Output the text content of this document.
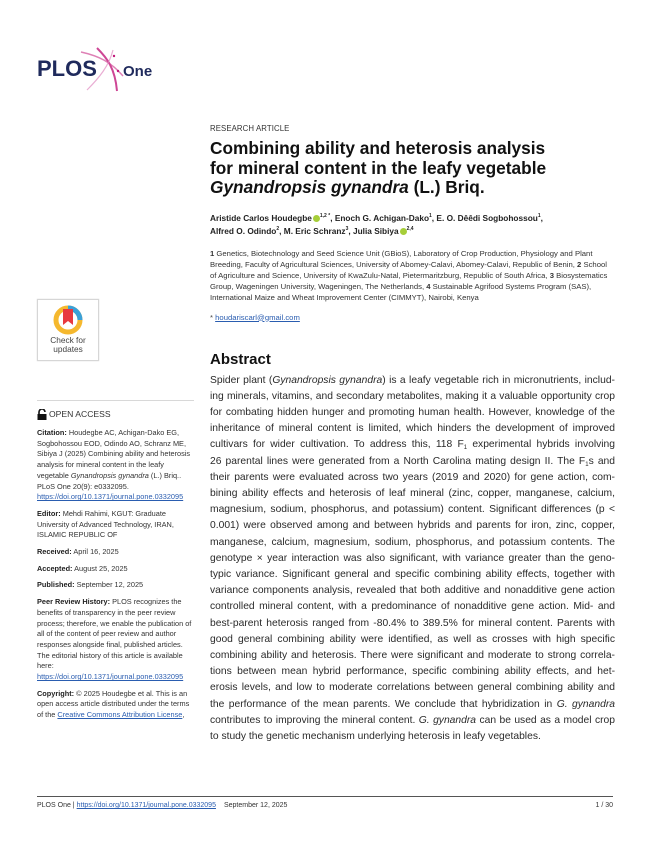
PLOS One
Check for
updates
OPEN ACCESS

Citation: Houdegbe AC, Achigan-Dako EG, Sogbohossou EOD, Odindo AO, Schranz ME, Sibiya J (2025) Combining ability and heterosis analysis for mineral content in the leafy vegetable Gynandropsis gynandra (L.) Briq.. PLoS One 20(9): e0332095. https://doi.org/10.1371/journal.pone.0332095

Editor: Mehdi Rahimi, KGUT: Graduate University of Advanced Technology, IRAN, ISLAMIC REPUBLIC OF

Received: April 16, 2025

Accepted: August 25, 2025

Published: September 12, 2025

Peer Review History: PLOS recognizes the benefits of transparency in the peer review process; therefore, we enable the publication of all of the content of peer review and author responses alongside final, published articles. The editorial history of this article is available here: https://doi.org/10.1371/journal.pone.0332095

Copyright: © 2025 Houdegbe et al. This is an open access article distributed under the terms of the Creative Commons Attribution License,

RESEARCH ARTICLE
Combining ability and heterosis analysis
for mineral content in the leafy vegetable
Gynandropsis gynandra (L.) Briq.
Aristide Carlos Houdegbe $^{1,2 *}$, Enoch G. Achigan-Dako$^1$, E. O. Dêêdi Sogbohossou$^1$,
Alfred O. Odindo$^2$, M. Eric Schranz$^3$, Julia Sibiya $^{2,4}$
1 Genetics, Biotechnology and Seed Science Unit (GBioS), Laboratory of Crop Production, Physiology and Plant Breeding, Faculty of Agricultural Sciences, University of Abomey-Calavi, Abomey-Calavi, Republic of Benin, 2 School of Agriculture and Science, University of KwaZulu-Natal, Pietermaritzburg, Republic of South Africa, 3 Biosystematics Group, Wageningen University, Wageningen, The Netherlands, 4 Sustainable Agrifood Systems Program (SAS), International Maize and Wheat Improvement Center (CIMMYT), Nairobi, Kenya
* houdariscarl@gmail.com
Abstract
Spider plant (Gynandropsis gynandra) is a leafy vegetable rich in micronutrients, includ-
ing minerals, vitamins, and secondary metabolites, making it a valuable opportunity crop
for combating hidden hunger and promoting human health. However, knowledge of the
inheritance of mineral content is limited, which hinders the development of improved
cultivars for wider cultivation. To address this, 118 $F_1$ experimental hybrids involving
26 parental lines were generated from a North Carolina mating design II. The $F_1s$ and
their parents were evaluated across two years (2019 and 2020) for gene action, com-
bining ability effects and heterosis of leaf mineral (zinc, copper, manganese, calcium,
magnesium, sodium, phosphorus, and potassium) content. Significant differences (p <
0.001) were observed among and between hybrids and parents for iron, zinc, copper,
manganese, calcium, magnesium, sodium, phosphorus, and potassium contents. The
genotype × year interaction was also significant, with variance greater than the geno-
typic variance. Significant general and specific combining ability effects, together with
variance components analysis, revealed that both additive and nonadditive gene action
controlled mineral content, with a predominance of nonadditive gene action. Mid- and
best-parent heterosis ranged from -80.4% to 389.5% for mineral content. Parents with
good general combining ability were identified, as well as crosses with high specific
combining ability and heterosis. There were significant and moderate to strong correla-
tions between mean hybrid performance, specific combining ability effects, and het-
erosis levels, and low to moderate correlations between general combining ability and
the performance of the mean parents. We conclude that hybridization in G. gynandra
contributes to improving the mineral content. G. gynandra can be used as a model crop
to study the genetic mechanism underlying heterosis in leafy vegetables.
PLOS One | https://doi.org/10.1371/journal.pone.0332095 September 12, 2025	1 / 30
